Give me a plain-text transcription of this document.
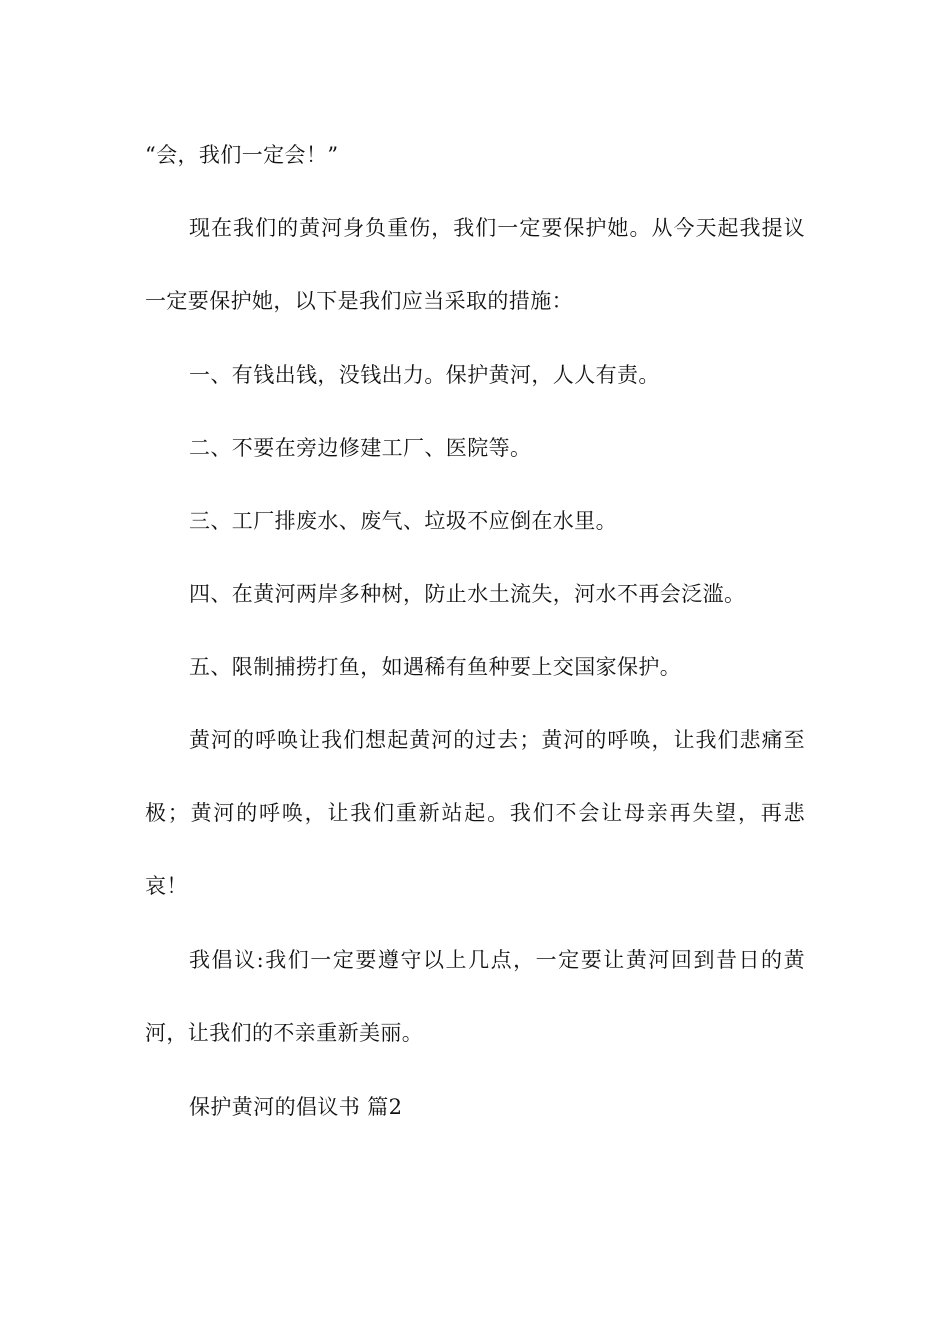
“会，我们一定会！”

现在我们的黄河身负重伤，我们一定要保护她。从今天起我提议一定要保护她，以下是我们应当采取的措施：

一、有钱出钱，没钱出力。保护黄河，人人有责。

二、不要在旁边修建工厂、医院等。

三、工厂排废水、废气、垃圾不应倒在水里。

四、在黄河两岸多种树，防止水土流失，河水不再会泛滥。

五、限制捕捞打鱼，如遇稀有鱼种要上交国家保护。

黄河的呼唤让我们想起黄河的过去；黄河的呼唤，让我们悲痛至极；黄河的呼唤，让我们重新站起。我们不会让母亲再失望，再悲哀！

我倡议:我们一定要遵守以上几点，一定要让黄河回到昔日的黄河，让我们的不亲重新美丽。

保护黄河的倡议书 篇2
